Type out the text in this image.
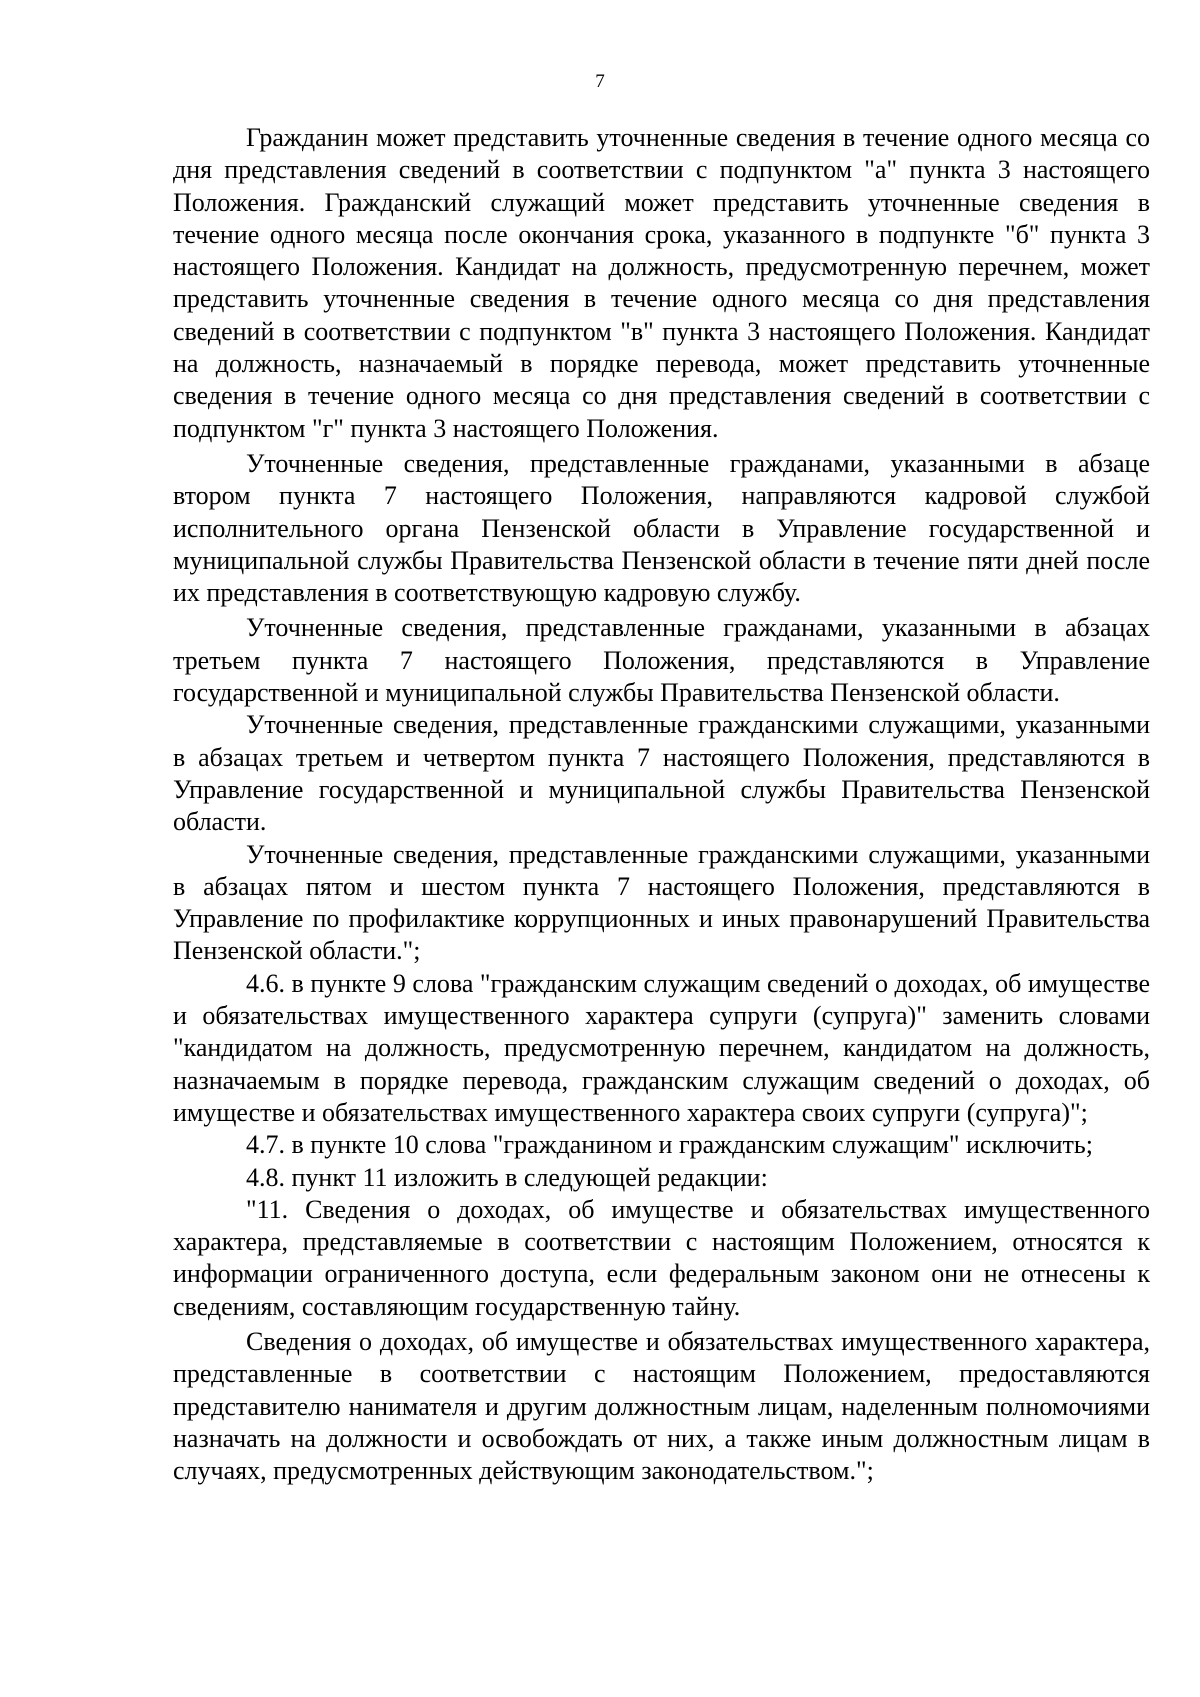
7

Гражданин может представить уточненные сведения в течение одного месяца со дня представления сведений в соответствии с подпунктом "а" пункта 3 настоящего Положения. Гражданский служащий может представить уточненные сведения в течение одного месяца после окончания срока, указанного в подпункте "б" пункта 3 настоящего Положения. Кандидат на должность, предусмотренную перечнем, может представить уточненные сведения в течение одного месяца со дня представления сведений в соответствии с подпунктом "в" пункта 3 настоящего Положения. Кандидат на должность, назначаемый в порядке перевода, может представить уточненные сведения в течение одного месяца со дня представления сведений в соответствии с подпунктом "г" пункта 3 настоящего Положения.

Уточненные сведения, представленные гражданами, указанными в абзаце втором пункта 7 настоящего Положения, направляются кадровой службой исполнительного органа Пензенской области в Управление государственной и муниципальной службы Правительства Пензенской области в течение пяти дней после их представления в соответствующую кадровую службу.

Уточненные сведения, представленные гражданами, указанными в абзацах третьем пункта 7 настоящего Положения, представляются в Управление государственной и муниципальной службы Правительства Пензенской области.

Уточненные сведения, представленные гражданскими служащими, указанными в абзацах третьем и четвертом пункта 7 настоящего Положения, представляются в Управление государственной и муниципальной службы Правительства Пензенской области.

Уточненные сведения, представленные гражданскими служащими, указанными в абзацах пятом и шестом пункта 7 настоящего Положения, представляются в Управление по профилактике коррупционных и иных правонарушений Правительства Пензенской области.";

4.6. в пункте 9 слова "гражданским служащим сведений о доходах, об имуществе и обязательствах имущественного характера супруги (супруга)" заменить словами "кандидатом на должность, предусмотренную перечнем, кандидатом на должность, назначаемым в порядке перевода, гражданским служащим сведений о доходах, об имуществе и обязательствах имущественного характера своих супруги (супруга)";

4.7. в пункте 10 слова "гражданином и гражданским служащим" исключить;

4.8. пункт 11 изложить в следующей редакции:

"11. Сведения о доходах, об имуществе и обязательствах имущественного характера, представляемые в соответствии с настоящим Положением, относятся к информации ограниченного доступа, если федеральным законом они не отнесены к сведениям, составляющим государственную тайну.

Сведения о доходах, об имуществе и обязательствах имущественного характера, представленные в соответствии с настоящим Положением, предоставляются представителю нанимателя и другим должностным лицам, наделенным полномочиями назначать на должности и освобождать от них, а также иным должностным лицам в случаях, предусмотренных действующим законодательством.";
